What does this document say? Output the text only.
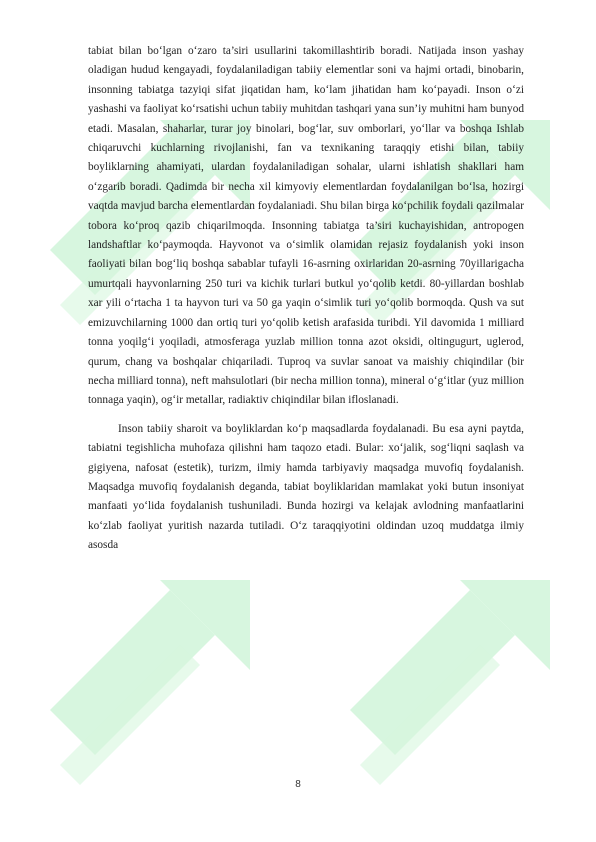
tabiat bilan bo‘lgan o‘zaro ta’siri usullarini takomillashtirib boradi. Natijada inson yashay oladigan hudud kengayadi, foydalaniladigan tabiiy elementlar soni va hajmi ortadi, binobarin, insonning tabiatga tazyiqi sifat jiqatidan ham, ko‘lam jihatidan ham ko‘payadi. Inson o‘zi yashashi va faoliyat ko‘rsatishi uchun tabiiy muhitdan tashqari yana sun’iy muhitni ham bunyod etadi. Masalan, shaharlar, turar joy binolari, bog‘lar, suv omborlari, yo‘llar va boshqa Ishlab chiqaruvchi kuchlarning rivojlanishi, fan va texnikaning taraqqiy etishi bilan, tabiiy boyliklarning ahamiyati, ulardan foydalaniladigan sohalar, ularni ishlatish shakllari ham o‘zgarib boradi. Qadimda bir necha xil kimyoviy elementlardan foydalanilgan bo‘lsa, hozirgi vaqtda mavjud barcha elementlardan foydalaniadi. Shu bilan birga ko‘pchilik foydali qazilmalar tobora ko‘proq qazib chiqarilmoqda. Insonning tabiatga ta’siri kuchayishidan, antropogen landshaftlar ko‘paymoqda. Hayvonot va o‘simlik olamidan rejasiz foydalanish yoki inson faoliyati bilan bog‘liq boshqa sabablar tufayli 16-asrning oxirlaridan 20-asrning 70yillarigacha umurtqali hayvonlarning 250 turi va kichik turlari butkul yo‘qolib ketdi. 80-yillardan boshlab xar yili o‘rtacha 1 ta hayvon turi va 50 ga yaqin o‘simlik turi yo‘qolib bormoqda. Qush va sut emizuvchilarning 1000 dan ortiq turi yo‘qolib ketish arafasida turibdi. Yil davomida 1 milliard tonna yoqilg‘i yoqiladi, atmosferaga yuzlab million tonna azot oksidi, oltingugurt, uglerod, qurum, chang va boshqalar chiqariladi. Tuproq va suvlar sanoat va maishiy chiqindilar (bir necha milliard tonna), neft mahsulotlari (bir necha million tonna), mineral o‘g‘itlar (yuz million tonnaga yaqin), og‘ir metallar, radiaktiv chiqindilar bilan ifloslanadi.

Inson tabiiy sharoit va boyliklardan ko‘p maqsadlarda foydalanadi. Bu esa ayni paytda, tabiatni tegishlicha muhofaza qilishni ham taqozo etadi. Bular: xo‘jalik, sog‘liqni saqlash va gigiyena, nafosat (estetik), turizm, ilmiy hamda tarbiyaviy maqsadga muvofiq foydalanish. Maqsadga muvofiq foydalanish deganda, tabiat boyliklaridan mamlakat yoki butun insoniyat manfaati yo‘lida foydalanish tushuniladi. Bunda hozirgi va kelajak avlodning manfaatlarini ko‘zlab faoliyat yuritish nazarda tutiladi. O‘z taraqqiyotini oldindan uzoq muddatga ilmiy asosda

8
